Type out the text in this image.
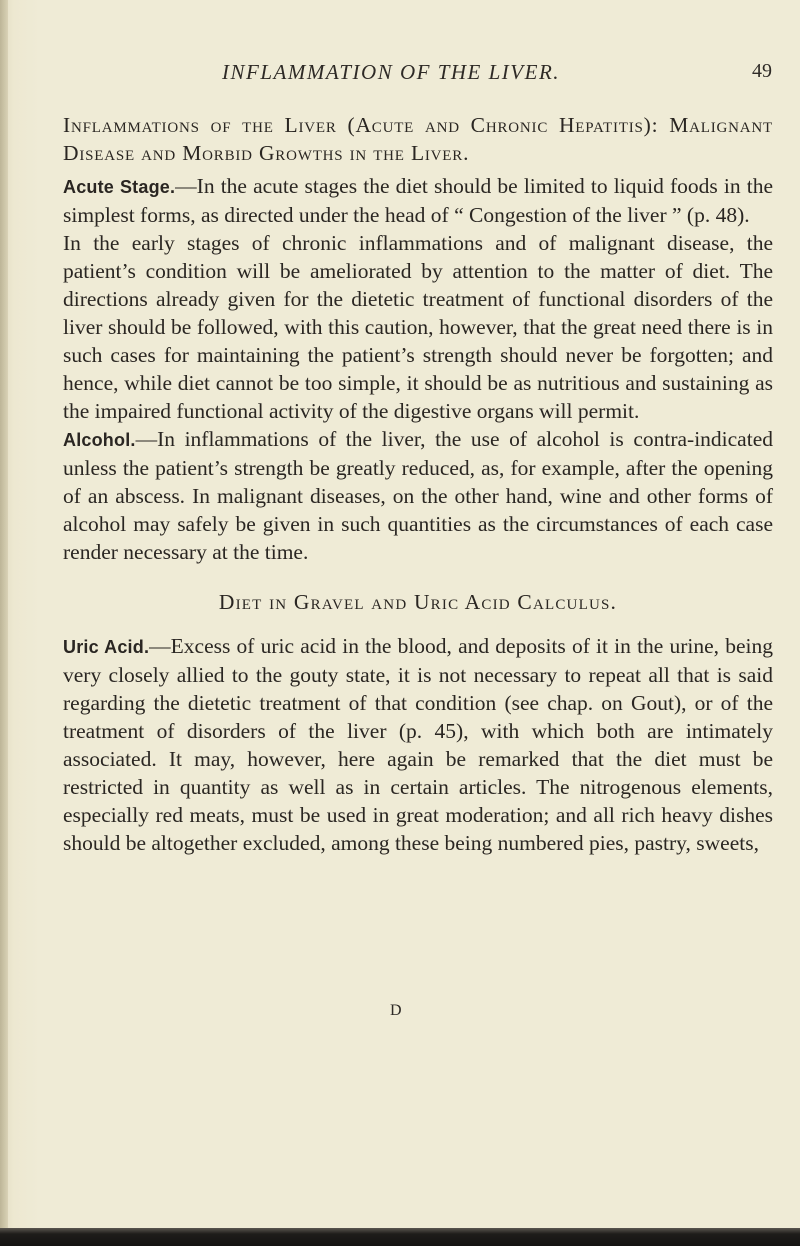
INFLAMMATION OF THE LIVER.	49

Inflammations of the Liver (Acute and Chronic Hepatitis): Malignant Disease and Morbid Growths in the Liver.

Acute Stage.—In the acute stages the diet should be limited to liquid foods in the simplest forms, as directed under the head of “ Congestion of the liver ” (p. 48).

In the early stages of chronic inflammations and of malignant disease, the patient’s condition will be ameliorated by attention to the matter of diet. The directions already given for the dietetic treatment of functional disorders of the liver should be followed, with this caution, however, that the great need there is in such cases for maintaining the patient’s strength should never be forgotten; and hence, while diet cannot be too simple, it should be as nutritious and sustaining as the impaired functional activity of the digestive organs will permit.

Alcohol.—In inflammations of the liver, the use of alcohol is contra-indicated unless the patient’s strength be greatly reduced, as, for example, after the opening of an abscess. In malignant diseases, on the other hand, wine and other forms of alcohol may safely be given in such quantities as the circumstances of each case render necessary at the time.

Diet in Gravel and Uric Acid Calculus.

Uric Acid.—Excess of uric acid in the blood, and deposits of it in the urine, being very closely allied to the gouty state, it is not necessary to repeat all that is said regarding the dietetic treatment of that condition (see chap. on Gout), or of the treatment of disorders of the liver (p. 45), with which both are intimately associated. It may, however, here again be remarked that the diet must be restricted in quantity as well as in certain articles. The nitrogenous elements, especially red meats, must be used in great moderation; and all rich heavy dishes should be altogether excluded, among these being numbered pies, pastry, sweets,

D
